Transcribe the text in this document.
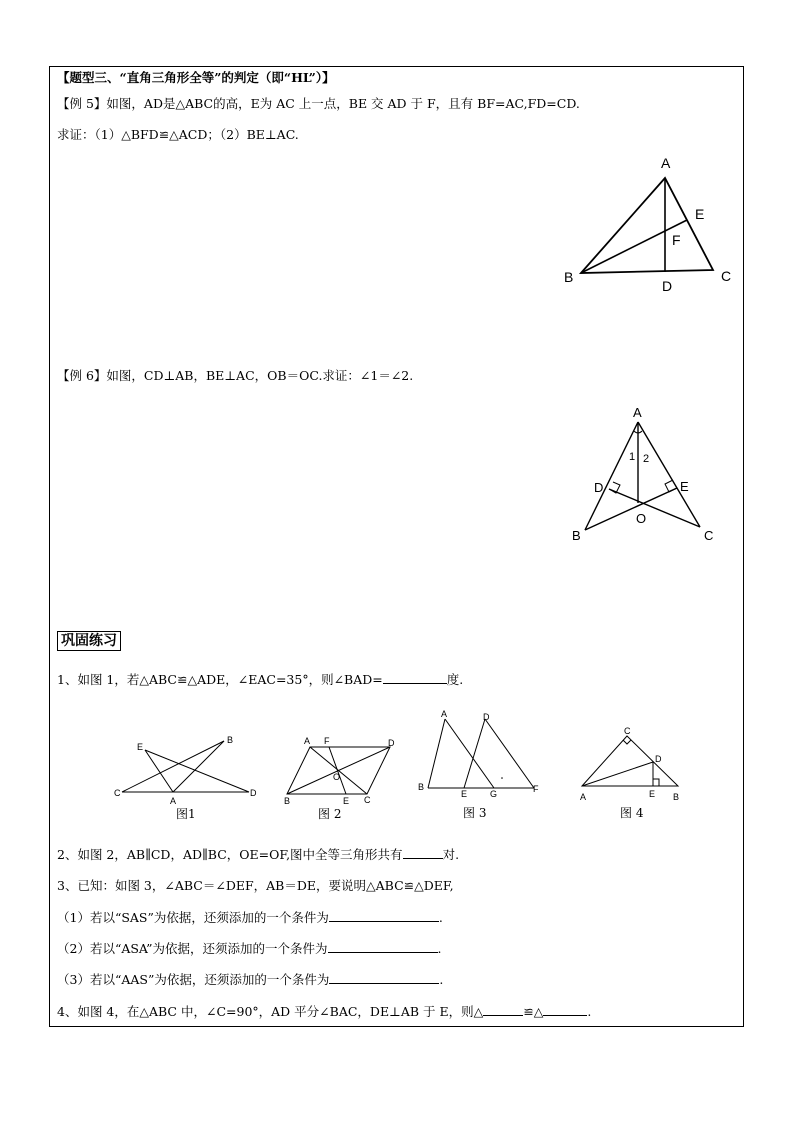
【题型三、“直角三角形全等”的判定（即“HL”）】
【例 5】如图，AD是△ABC的高，E为 AC 上一点，BE 交 AD 于 F，且有 BF=AC,FD=CD.
求证：（1）△BFD≌△ACD；（2）BE⊥AC.
A
E
F
B
D
C
【例 6】如图，CD⊥AB，BE⊥AC，OB＝OC.求证：∠1＝∠2.
A
1 2
D	E
O
B	C
巩固练习
1、如图 1，若△ABC≌△ADE，∠EAC=35°，则∠BAD=	度.
E
B
C
A
D
图1
A F	D
O
B	E C
图 2
A	D
B
E	G	F
图 3
C
D
A	E B
图 4
2、如图 2，AB∥CD，AD∥BC，OE=OF,图中全等三角形共有	对.
3、已知：如图 3，∠ABC＝∠DEF，AB＝DE，要说明△ABC≌△DEF,
（1）若以“SAS”为依据，还须添加的一个条件为	.
（2）若以“ASA”为依据，还须添加的一个条件为	.
（3）若以“AAS”为依据，还须添加的一个条件为	.
4、如图 4，在△ABC 中，∠C=90°，AD 平分∠BAC，DE⊥AB 于 E，则△	≌△	.
